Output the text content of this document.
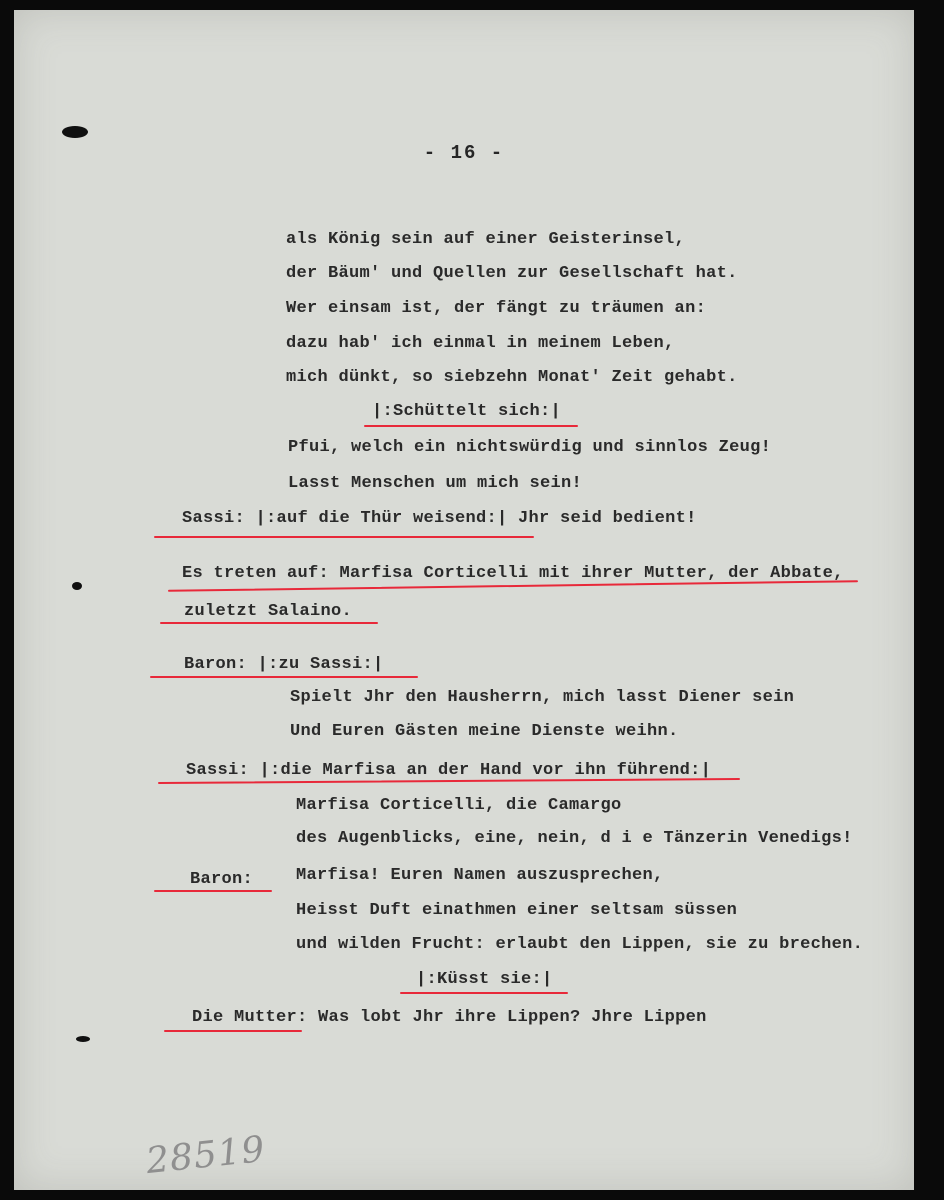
- 16 -
als König sein auf einer Geisterinsel,
der Bäum' und Quellen zur Gesellschaft hat.
Wer einsam ist, der fängt zu träumen an:
dazu hab' ich einmal in meinem Leben,
mich dünkt, so siebzehn Monat' Zeit gehabt.
|:Schüttelt sich:|
Pfui, welch ein nichtswürdig und sinnlos Zeug!
Lasst Menschen um mich sein!
Sassi: |:auf die Thür weisend:| Jhr seid bedient!
Es treten auf: Marfisa Corticelli mit ihrer Mutter, der Abbate,
zuletzt Salaino.
Baron: |:zu Sassi:|
Spielt Jhr den Hausherrn, mich lasst Diener sein
Und Euren Gästen meine Dienste weihn.
Sassi: |:die Marfisa an der Hand vor ihn führend:|
Marfisa Corticelli, die Camargo
des Augenblicks, eine, nein, d i e Tänzerin Venedigs!
Baron:	Marfisa! Euren Namen auszusprechen,
Heisst Duft einathmen einer seltsam süssen
und wilden Frucht: erlaubt den Lippen, sie zu brechen.
|:Küsst sie:|
Die Mutter: Was lobt Jhr ihre Lippen? Jhre Lippen
28519
